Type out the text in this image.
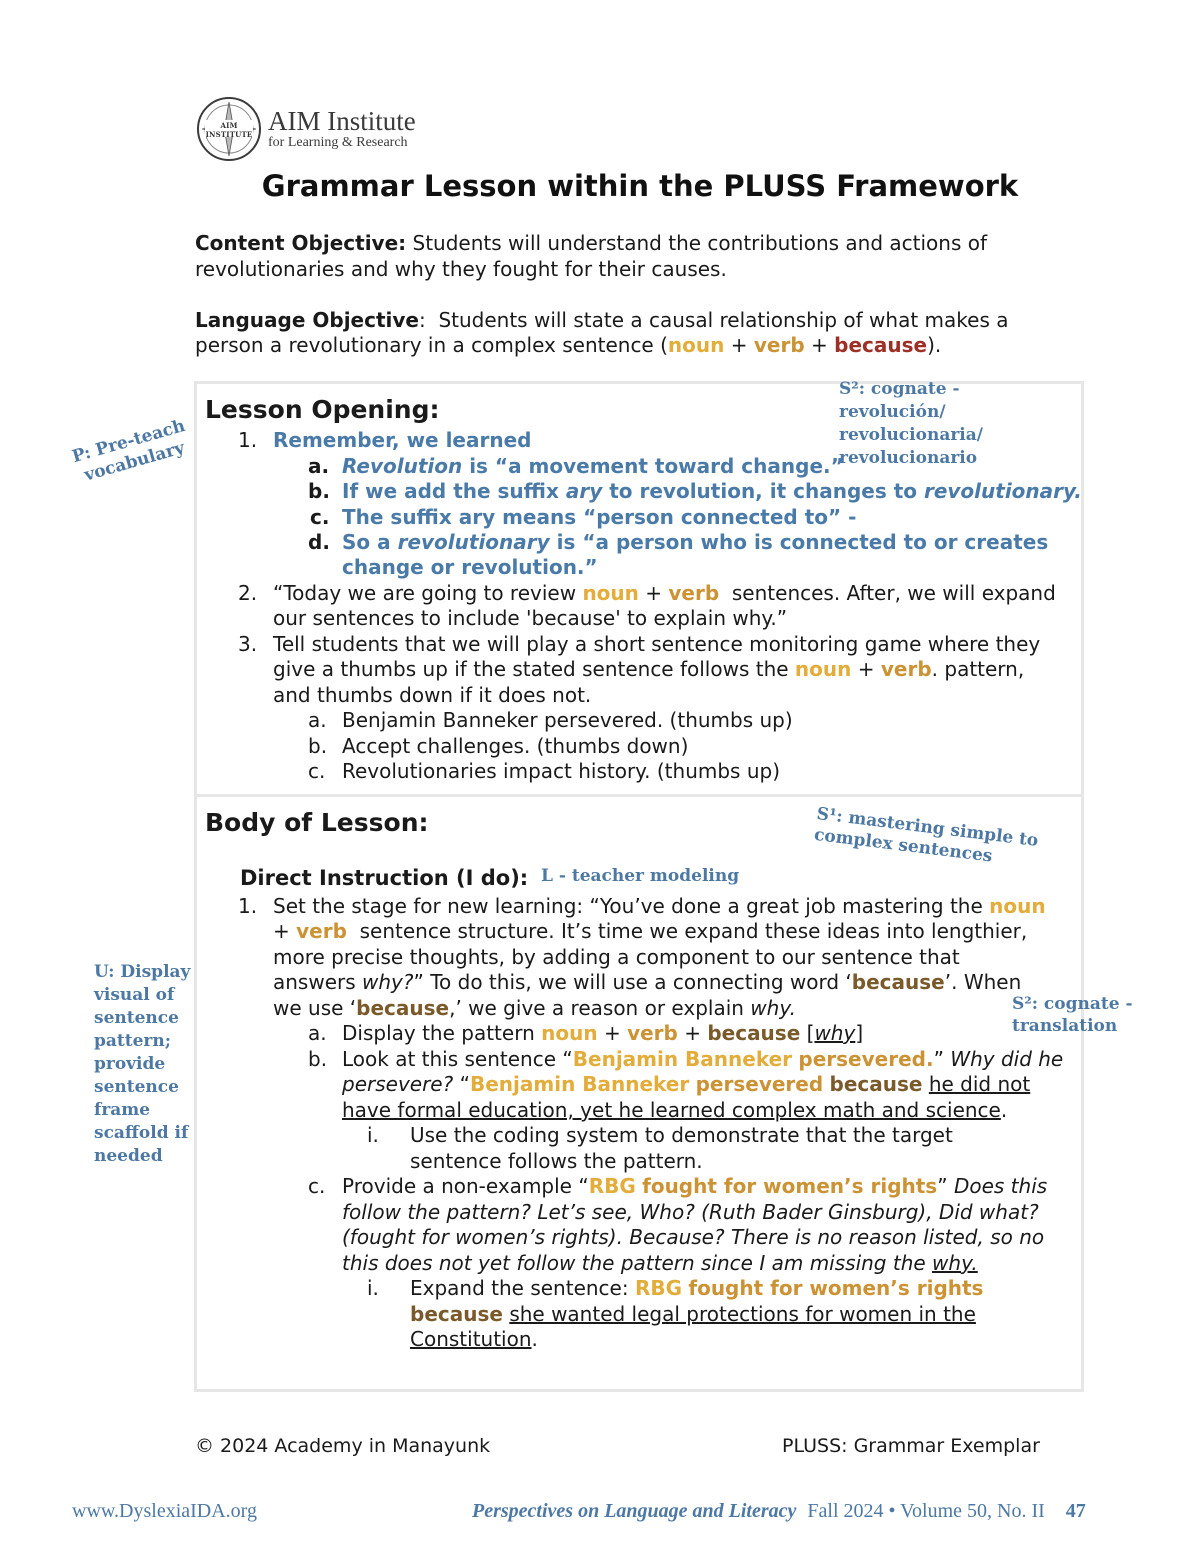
AIM INSTITUTE AIM Institute
for Learning & Research
Grammar Lesson within the PLUSS Framework
Content Objective: Students will understand the contributions and actions of
revolutionaries and why they fought for their causes.
Language Objective: Students will state a causal relationship of what makes a
person a revolutionary in a complex sentence (noun + verb + because).
Lesson Opening:
1. Remember, we learned
a. Revolution is “a movement toward change.”
b. If we add the suffix ary to revolution, it changes to revolutionary.
c. The suffix ary means “person connected to” -
d. So a revolutionary is “a person who is connected to or creates
change or revolution.”
2. “Today we are going to review noun + verb sentences. After, we will expand
our sentences to include 'because' to explain why.”
3. Tell students that we will play a short sentence monitoring game where they
give a thumbs up if the stated sentence follows the noun + verb. pattern,
and thumbs down if it does not.
a. Benjamin Banneker persevered. (thumbs up)
b. Accept challenges. (thumbs down)
c. Revolutionaries impact history. (thumbs up)
Body of Lesson:
Direct Instruction (I do):
1. Set the stage for new learning: “You’ve done a great job mastering the noun
+ verb sentence structure. It’s time we expand these ideas into lengthier,
more precise thoughts, by adding a component to our sentence that
answers why?” To do this, we will use a connecting word ‘because’. When
we use ‘because,’ we give a reason or explain why.
a. Display the pattern noun + verb + because [why]
b. Look at this sentence “Benjamin Banneker persevered.” Why did he
persevere? “Benjamin Banneker persevered because he did not
have formal education, yet he learned complex math and science.
i. Use the coding system to demonstrate that the target
sentence follows the pattern.
c. Provide a non-example “RBG fought for women’s rights” Does this
follow the pattern? Let’s see, Who? (Ruth Bader Ginsburg), Did what?
(fought for women’s rights). Because? There is no reason listed, so no
this does not yet follow the pattern since I am missing the why.
i. Expand the sentence: RBG fought for women’s rights
because she wanted legal protections for women in the
Constitution.
P: Pre-teach
vocabulary
S²: cognate -
revolución/
revolucionaria/
revolucionario
S¹: mastering simple to
complex sentences
L - teacher modeling
U: Display
visual of
sentence
pattern;
provide
sentence
frame
scaffold if
needed
S²: cognate -
translation
© 2024 Academy in Manayunk	PLUSS: Grammar Exemplar
www.DyslexiaIDA.org	Perspectives on Language and Literacy Fall 2024 • Volume 50, No. II 47
